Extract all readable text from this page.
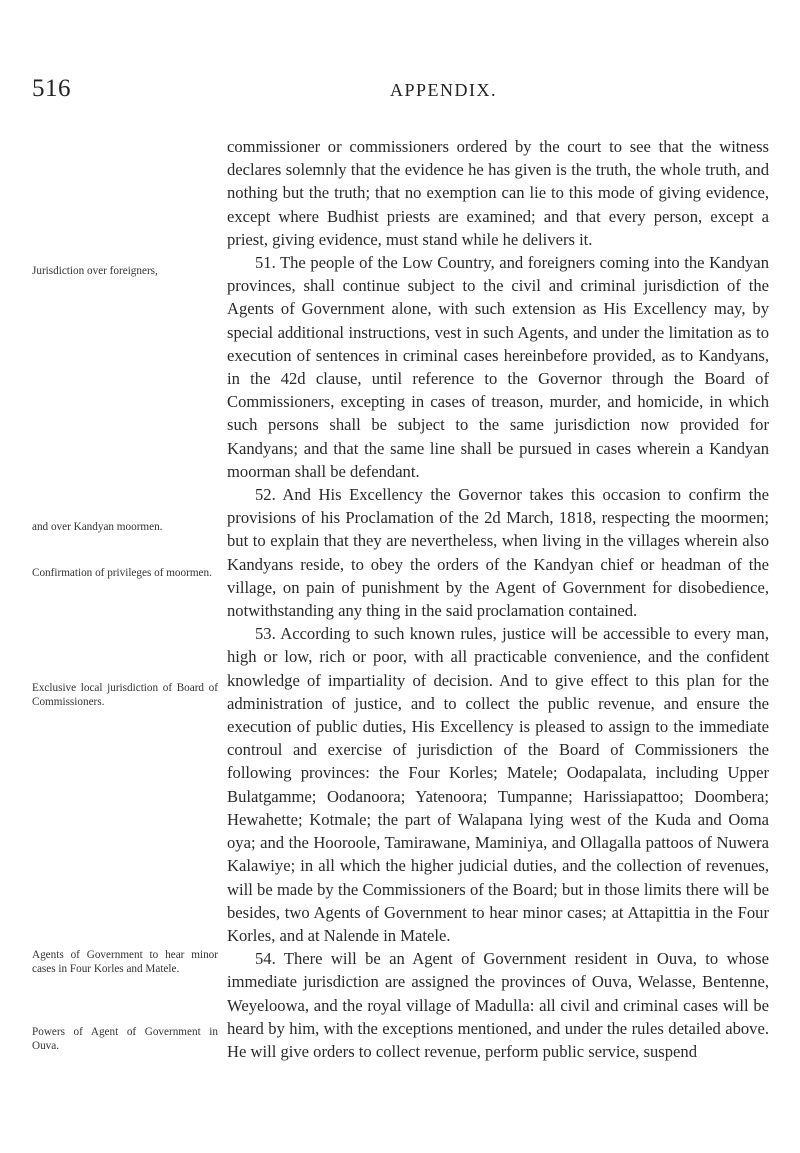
516	APPENDIX.
Jurisdiction over foreigners,
and over Kandyan moormen.
Confirmation of privileges of moormen.
Exclusive local jurisdiction of Board of Commissioners.
Agents of Government to hear minor cases in Four Korles and Matele.
Powers of Agent of Government in Ouva.

commissioner or commissioners ordered by the court to see that the witness declares solemnly that the evidence he has given is the truth, the whole truth, and nothing but the truth; that no exemption can lie to this mode of giving evidence, except where Budhist priests are examined; and that every person, except a priest, giving evidence, must stand while he delivers it.

51. The people of the Low Country, and foreigners coming into the Kandyan provinces, shall continue subject to the civil and criminal jurisdiction of the Agents of Government alone, with such extension as His Excellency may, by special additional instructions, vest in such Agents, and under the limitation as to execution of sentences in criminal cases hereinbefore provided, as to Kandyans, in the 42d clause, until reference to the Governor through the Board of Commissioners, excepting in cases of treason, murder, and homicide, in which such persons shall be subject to the same jurisdiction now provided for Kandyans; and that the same line shall be pursued in cases wherein a Kandyan moorman shall be defendant.

52. And His Excellency the Governor takes this occasion to confirm the provisions of his Proclamation of the 2d March, 1818, respecting the moormen; but to explain that they are nevertheless, when living in the villages wherein also Kandyans reside, to obey the orders of the Kandyan chief or headman of the village, on pain of punishment by the Agent of Government for disobedience, notwithstanding any thing in the said proclamation contained.

53. According to such known rules, justice will be accessible to every man, high or low, rich or poor, with all practicable convenience, and the confident knowledge of impartiality of decision. And to give effect to this plan for the administration of justice, and to collect the public revenue, and ensure the execution of public duties, His Excellency is pleased to assign to the immediate controul and exercise of jurisdiction of the Board of Commissioners the following provinces: the Four Korles; Matele; Oodapalata, including Upper Bulatgamme; Oodanoora; Yatenoora; Tumpanne; Harissiapattoo; Doombera; Hewahette; Kotmale; the part of Walapana lying west of the Kuda and Ooma oya; and the Hooroole, Tamirawane, Maminiya, and Ollagalla pattoos of Nuwera Kalawiye; in all which the higher judicial duties, and the collection of revenues, will be made by the Commissioners of the Board; but in those limits there will be besides, two Agents of Government to hear minor cases; at Attapittia in the Four Korles, and at Nalende in Matele.

54. There will be an Agent of Government resident in Ouva, to whose immediate jurisdiction are assigned the provinces of Ouva, Welasse, Bentenne, Weyeloowa, and the royal village of Madulla: all civil and criminal cases will be heard by him, with the exceptions mentioned, and under the rules detailed above. He will give orders to collect revenue, perform public service, suspend
